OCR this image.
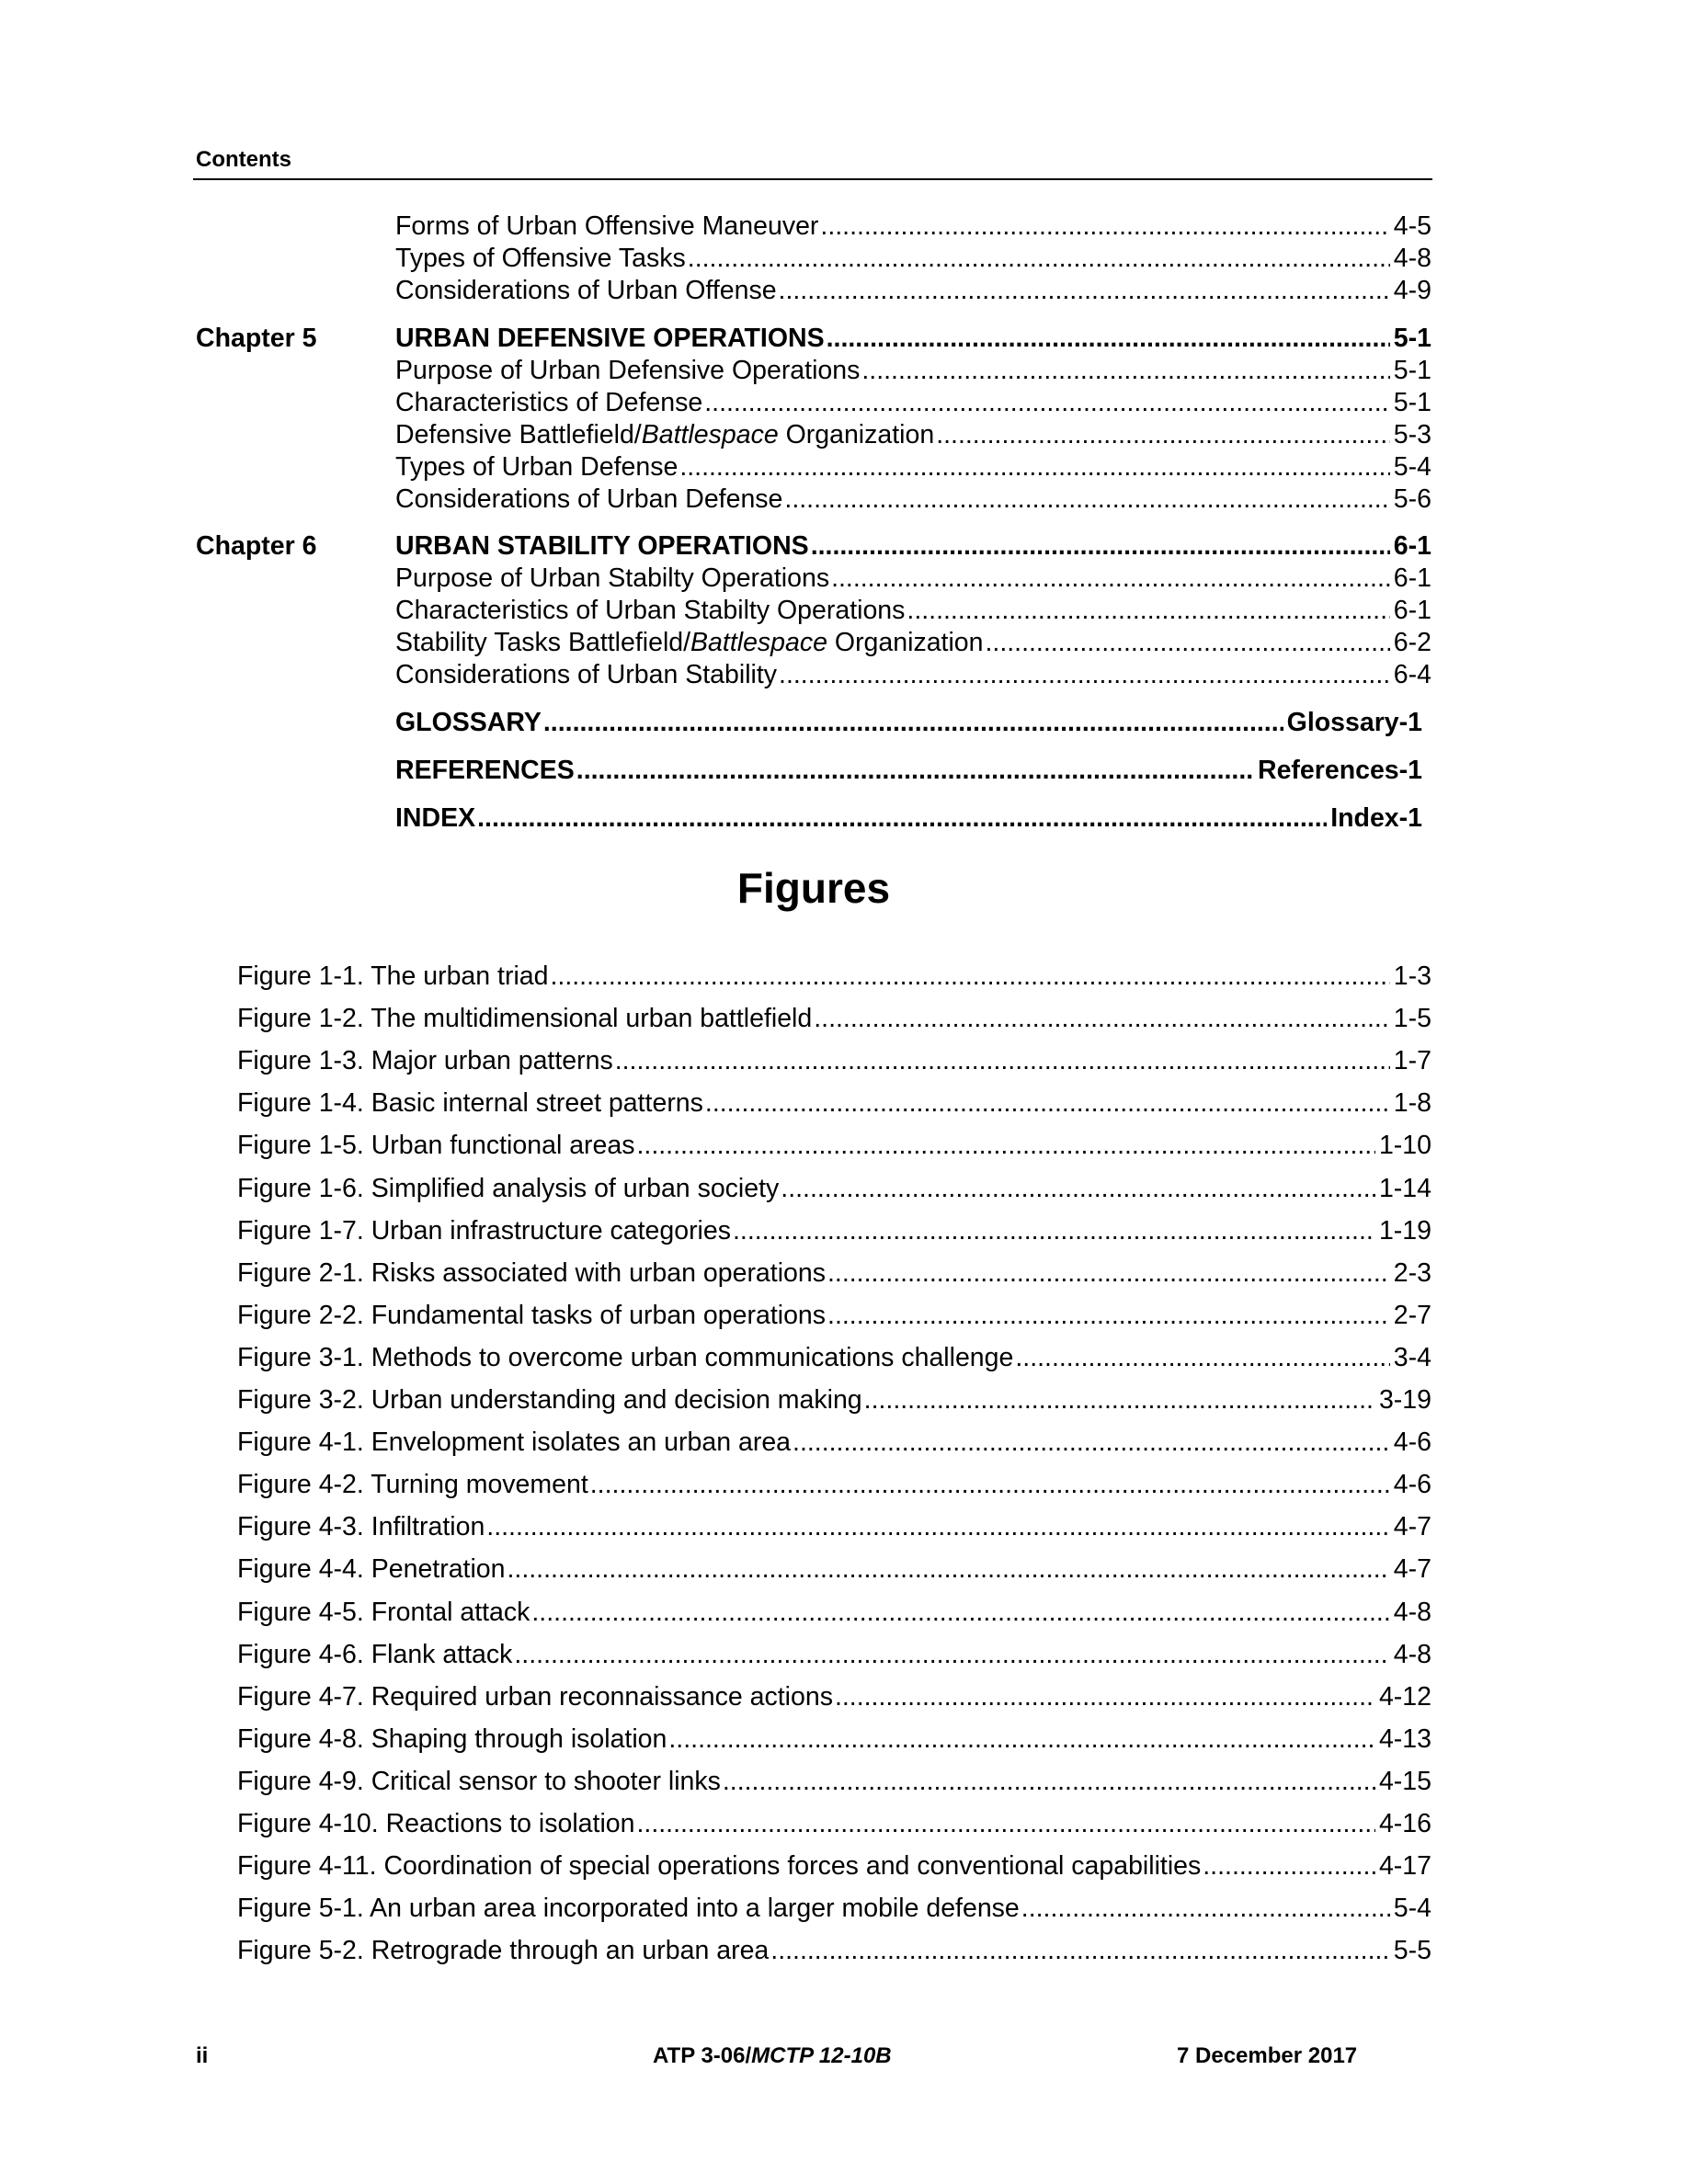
Contents
Forms of Urban Offensive Maneuver .....	4-5
Types of Offensive Tasks .....	4-8
Considerations of Urban Offense .....	4-9
Chapter 5	URBAN DEFENSIVE OPERATIONS .....	5-1
Purpose of Urban Defensive Operations .....	5-1
Characteristics of Defense .....	5-1
Defensive Battlefield/Battlespace Organization .....	5-3
Types of Urban Defense .....	5-4
Considerations of Urban Defense .....	5-6
Chapter 6	URBAN STABILITY OPERATIONS .....	6-1
Purpose of Urban Stabilty Operations .....	6-1
Characteristics of Urban Stabilty Operations .....	6-1
Stability Tasks Battlefield/Battlespace Organization .....	6-2
Considerations of Urban Stability .....	6-4
GLOSSARY .....	Glossary-1
REFERENCES .....	References-1
INDEX .....	Index-1
Figures
Figure 1-1. The urban triad .....	1-3
Figure 1-2. The multidimensional urban battlefield .....	1-5
Figure 1-3. Major urban patterns .....	1-7
Figure 1-4. Basic internal street patterns .....	1-8
Figure 1-5. Urban functional areas .....	1-10
Figure 1-6. Simplified analysis of urban society .....	1-14
Figure 1-7. Urban infrastructure categories .....	1-19
Figure 2-1. Risks associated with urban operations .....	2-3
Figure 2-2. Fundamental tasks of urban operations .....	2-7
Figure 3-1. Methods to overcome urban communications challenge .....	3-4
Figure 3-2. Urban understanding and decision making .....	3-19
Figure 4-1. Envelopment isolates an urban area .....	4-6
Figure 4-2. Turning movement .....	4-6
Figure 4-3. Infiltration .....	4-7
Figure 4-4. Penetration .....	4-7
Figure 4-5. Frontal attack .....	4-8
Figure 4-6. Flank attack .....	4-8
Figure 4-7. Required urban reconnaissance actions .....	4-12
Figure 4-8. Shaping through isolation .....	4-13
Figure 4-9. Critical sensor to shooter links .....	4-15
Figure 4-10. Reactions to isolation .....	4-16
Figure 4-11. Coordination of special operations forces and conventional capabilities .....	4-17
Figure 5-1. An urban area incorporated into a larger mobile defense .....	5-4
Figure 5-2. Retrograde through an urban area .....	5-5
ii	ATP 3-06/MCTP 12-10B	7 December 2017
